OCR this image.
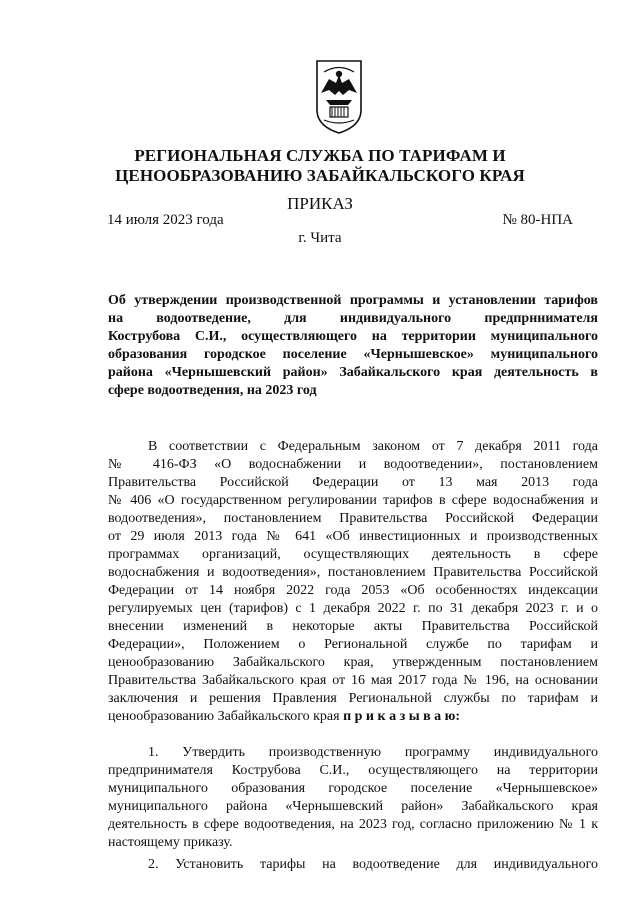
РЕГИОНАЛЬНАЯ СЛУЖБА ПО ТАРИФАМ И
ЦЕНООБРАЗОВАНИЮ ЗАБАЙКАЛЬСКОГО КРАЯ
ПРИКАЗ
14 июля 2023 года	№ 80-НПА
г. Чита
Об утверждении производственной программы и установлении тарифов
на водоотведение, для индивидуального предпрннимателя
Кострубова С.И., осуществляющего на территории муниципального
образования городское поселение «Чернышевское» муниципального
района «Чернышевский район» Забайкальского края деятельность в
сфере водоотведения, на 2023 год
В соответствии с Федеральным законом от 7 декабря 2011 года
№ 416-ФЗ «О водоснабжении и водоотведении», постановлением
Правительства Российской Федерации от 13 мая 2013 года
№ 406 «О государственном регулировании тарифов в сфере водоснабжения и
водоотведения», постановлением Правительства Российской Федерации
от 29 июля 2013 года № 641 «Об инвестиционных и производственных
программах организаций, осуществляющих деятельность в сфере
водоснабжения и водоотведения», постановлением Правительства Российской
Федерации от 14 ноября 2022 года 2053 «Об особенностях индексации
регулируемых цен (тарифов) с 1 декабря 2022 г. по 31 декабря 2023 г. и о
внесении изменений в некоторые акты Правительства Российской
Федерации», Положением о Региональной службе по тарифам и
ценообразованию Забайкальского края, утвержденным постановлением
Правительства Забайкальского края от 16 мая 2017 года № 196, на основании
заключения и решения Правления Региональной службы по тарифам и
ценообразованию Забайкальского края п р и к а з ы в а ю:
1. Утвердить производственную программу индивидуального
предпринимателя Кострубова С.И., осуществляющего на территории
муниципального образования городское поселение «Чернышевское»
муниципального района «Чернышевский район» Забайкальского края
деятельность в сфере водоотведения, на 2023 год, согласно приложению № 1 к
настоящему приказу.
2. Установить тарифы на водоотведение для индивидуального
